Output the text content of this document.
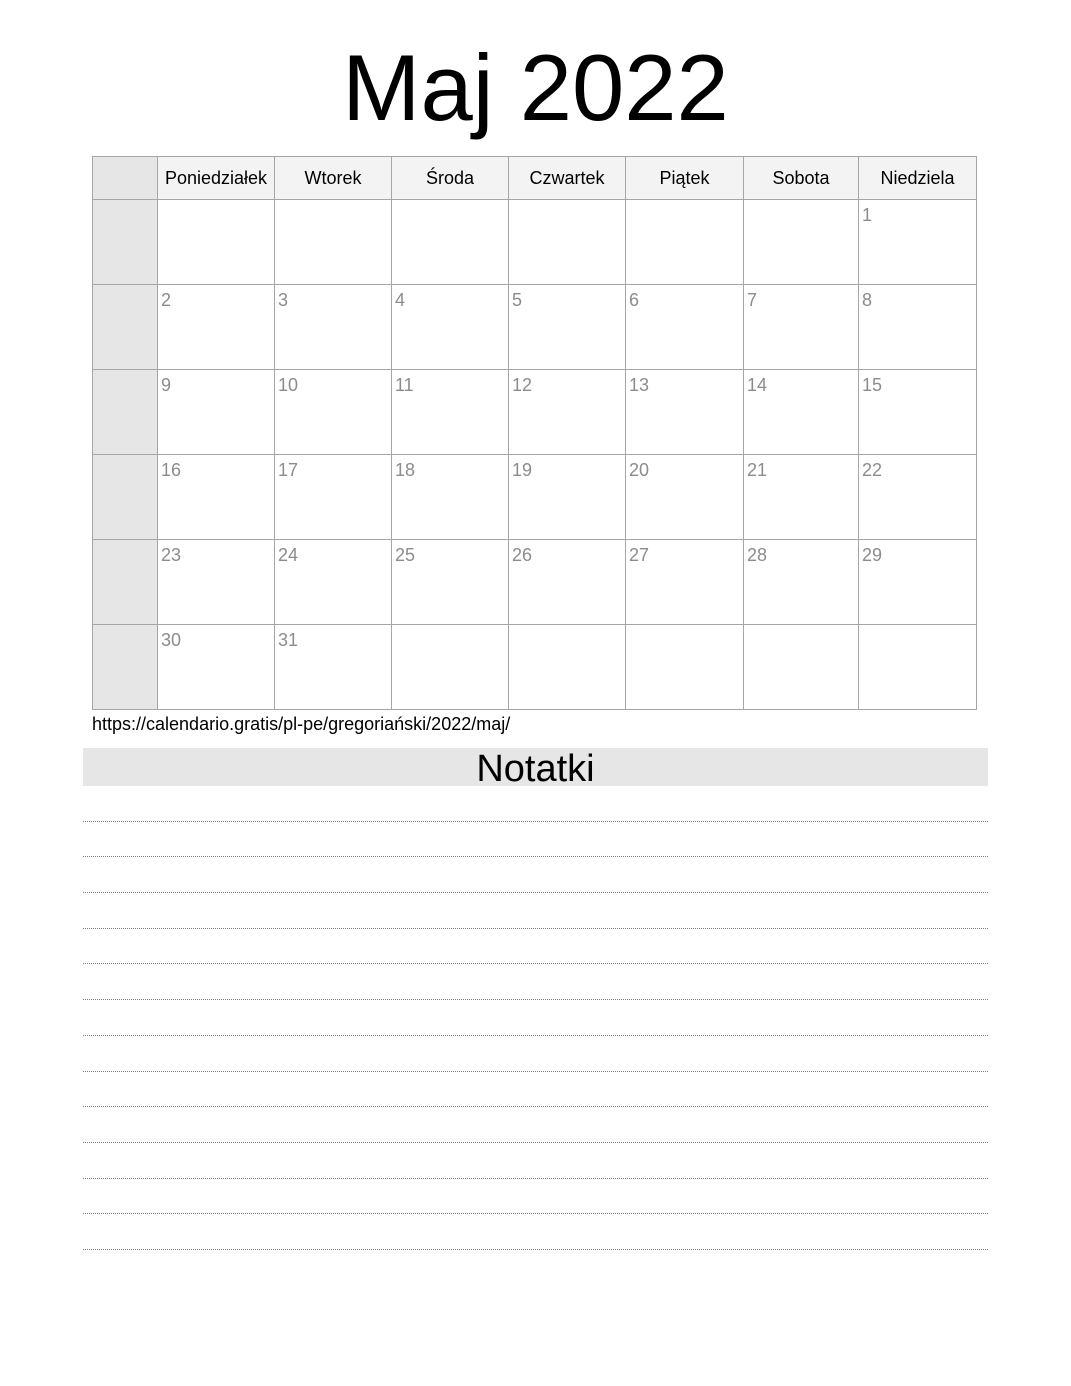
Maj 2022
	Poniedziałek	Wtorek	Środa	Czwartek	Piątek	Sobota	Niedziela

							1

	2	3	4	5	6	7	8

	9	10	11	12	13	14	15

	16	17	18	19	20	21	22

	23	24	25	26	27	28	29

	30	31					

https://calendario.gratis/pl-pe/gregoriański/2022/maj/
Notatki
